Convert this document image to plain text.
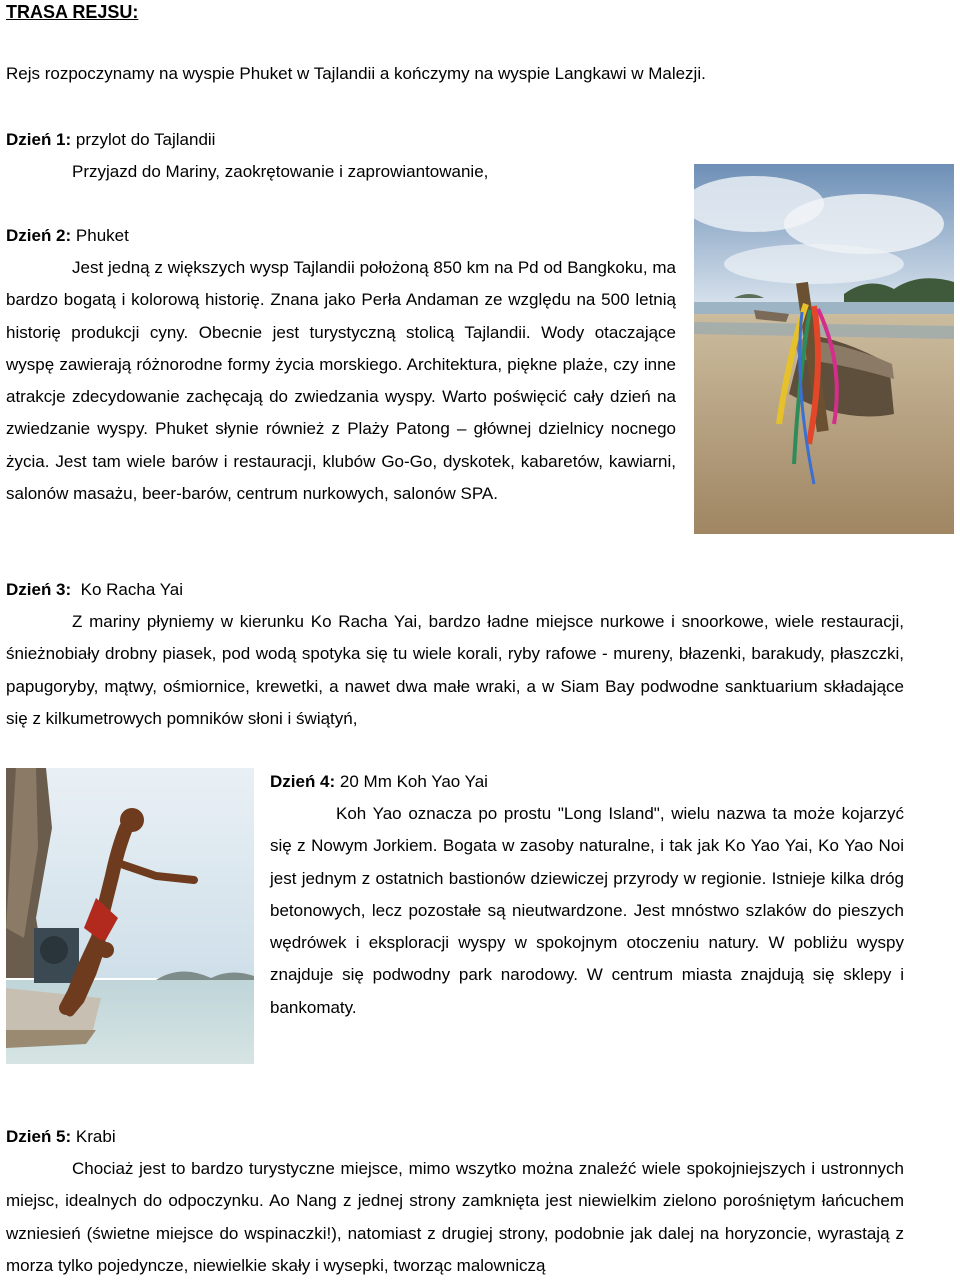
TRASA REJSU:
Rejs rozpoczynamy na wyspie Phuket w Tajlandii a kończymy na wyspie Langkawi w Malezji.
Dzień 1: przylot do Tajlandii
Przyjazd do Mariny, zaokrętowanie i zaprowiantowanie,
Dzień 2: Phuket
Jest jedną z większych wysp Tajlandii położoną 850 km na Pd od Bangkoku, ma bardzo bogatą i kolorową historię. Znana jako Perła Andaman ze względu na 500 letnią historię produkcji cyny. Obecnie jest turystyczną stolicą Tajlandii. Wody otaczające wyspę zawierają różnorodne formy życia morskiego. Architektura, piękne plaże, czy inne atrakcje zdecydowanie zachęcają do zwiedzania wyspy. Warto poświęcić cały dzień na zwiedzanie wyspy. Phuket słynie również z Plaży Patong – głównej dzielnicy nocnego życia. Jest tam wiele barów i restauracji, klubów Go-Go, dyskotek, kabaretów, kawiarni, salonów masażu, beer-barów, centrum nurkowych, salonów SPA.
Dzień 3:  Ko Racha Yai
Z mariny płyniemy w kierunku Ko Racha Yai, bardzo ładne miejsce nurkowe i snoorkowe, wiele restauracji, śnieżnobiały drobny piasek, pod wodą spotyka się tu wiele korali, ryby rafowe - mureny, błazenki, barakudy, płaszczki, papugoryby, mątwy, ośmiornice, krewetki, a nawet dwa małe wraki, a w Siam Bay podwodne sanktuarium składające się z kilkumetrowych pomników słoni i świątyń,
Dzień 4: 20 Mm Koh Yao Yai
Koh Yao oznacza po prostu "Long Island", wielu nazwa ta może kojarzyć się z Nowym Jorkiem. Bogata w zasoby naturalne, i tak jak Ko Yao Yai, Ko Yao Noi jest jednym z ostatnich bastionów dziewiczej przyrody w regionie. Istnieje kilka dróg betonowych, lecz pozostałe są nieutwardzone. Jest mnóstwo szlaków do pieszych wędrówek i eksploracji wyspy w spokojnym otoczeniu natury. W pobliżu wyspy znajduje się podwodny park narodowy. W centrum miasta znajdują się sklepy i bankomaty.
Dzień 5: Krabi
Chociaż jest to bardzo turystyczne miejsce, mimo wszytko można znaleźć wiele spokojniejszych i ustronnych miejsc, idealnych do odpoczynku. Ao Nang z jednej strony zamknięta jest niewielkim zielono porośniętym łańcuchem wzniesień (świetne miejsce do wspinaczki!), natomiast z drugiej strony, podobnie jak dalej na horyzoncie, wyrastają z morza tylko pojedyncze, niewielkie skały i wysepki, tworząc malowniczą
